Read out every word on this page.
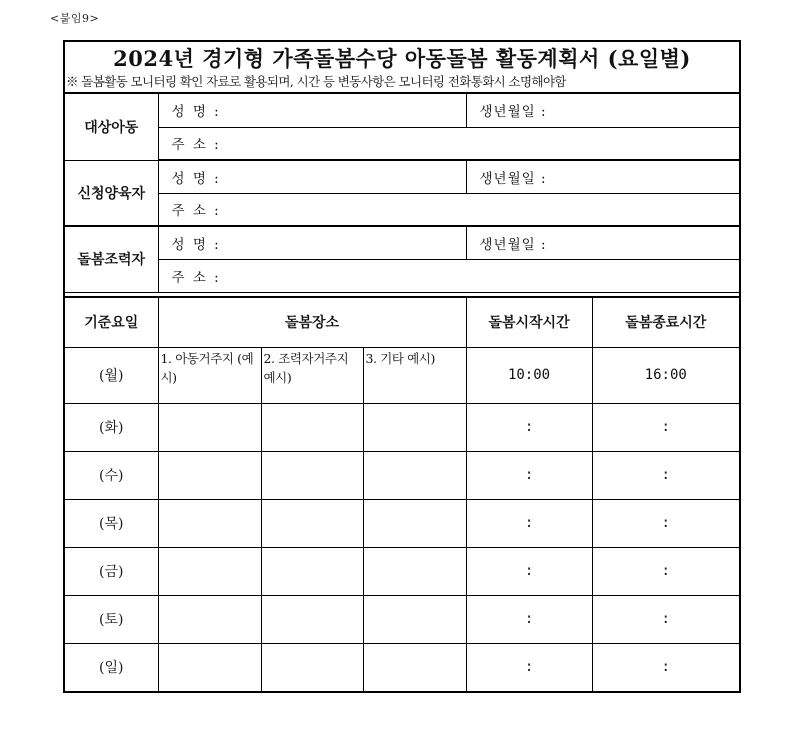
<붙임9>
2024년 경기형 가족돌봄수당 아동돌봄 활동계획서 (요일별)
※ 돌봄활동 모니터링 확인 자료로 활용되며, 시간 등 변동사항은 모니터링 전화통화시 소명해야함
대상아동	성 명 :	생년월일 :
	주 소 :	
신청양육자	성 명 :	생년월일 :
	주 소 :	
돌봄조력자	성 명 :	생년월일 :
	주 소 :	
기준요일	돌봄장소			돌봄시작시간	돌봄종료시간
(월)	1. 아동거주지 (예시)	2. 조력자거주지 예시)	3. 기타 예시)	10:00	16:00
(화)				:	:
(수)				:	:
(목)				:	:
(금)				:	:
(토)				:	:
(일)				:	:
